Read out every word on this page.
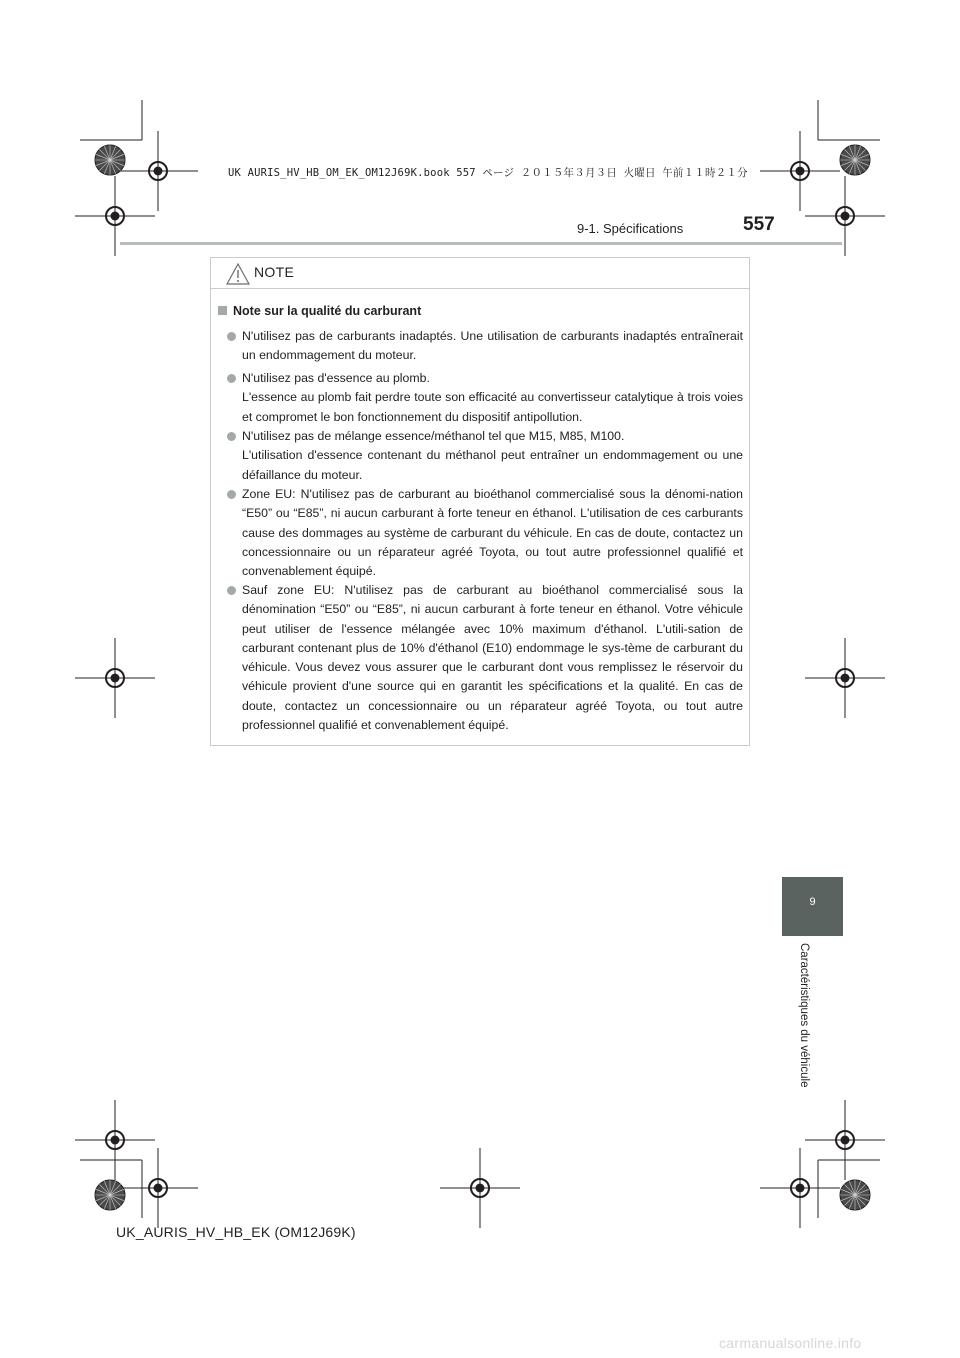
UK AURIS_HV_HB_OM_EK_OM12J69K.book 557 ページ ２０１５年３月３日 火曜日 午前１１時２１分
9-1. Spécifications	557
9
Caractéristiques du véhicule
NOTE
Note sur la qualité du carburant

N'utilisez pas de carburants inadaptés. Une utilisation de carburants inadaptés entraînerait un endommagement du moteur.

N'utilisez pas d'essence au plomb.

L'essence au plomb fait perdre toute son efficacité au convertisseur catalytique à trois voies et compromet le bon fonctionnement du dispositif antipollution.

N'utilisez pas de mélange essence/méthanol tel que M15, M85, M100.

L'utilisation d'essence contenant du méthanol peut entraîner un endommagement ou une défaillance du moteur.

Zone EU: N'utilisez pas de carburant au bioéthanol commercialisé sous la dénomi-nation “E50” ou “E85”, ni aucun carburant à forte teneur en éthanol. L'utilisation de ces carburants cause des dommages au système de carburant du véhicule. En cas de doute, contactez un concessionnaire ou un réparateur agréé Toyota, ou tout autre professionnel qualifié et convenablement équipé.

Sauf zone EU: N'utilisez pas de carburant au bioéthanol commercialisé sous la dénomination “E50” ou “E85”, ni aucun carburant à forte teneur en éthanol. Votre véhicule peut utiliser de l'essence mélangée avec 10% maximum d'éthanol. L'utili-sation de carburant contenant plus de 10% d'éthanol (E10) endommage le sys-tème de carburant du véhicule. Vous devez vous assurer que le carburant dont vous remplissez le réservoir du véhicule provient d'une source qui en garantit les spécifications et la qualité. En cas de doute, contactez un concessionnaire ou un réparateur agréé Toyota, ou tout autre professionnel qualifié et convenablement équipé.

UK_AURIS_HV_HB_EK (OM12J69K)
carmanualsonline.info
